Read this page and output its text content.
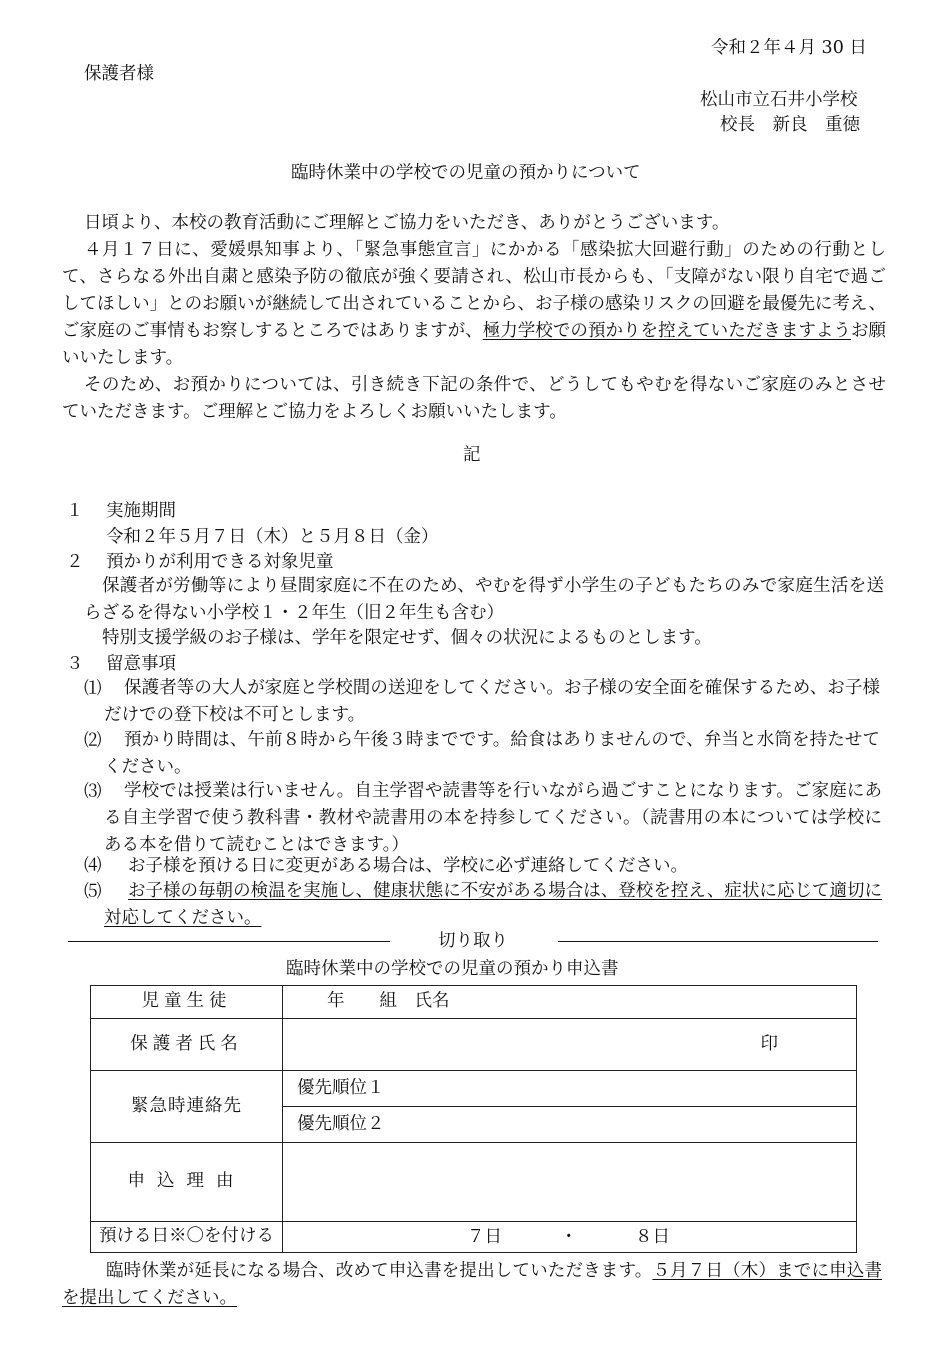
令和２年４月 30 日
保護者様
松山市立石井小学校
校長　新良　重徳
臨時休業中の学校での児童の預かりについて
日頃より、本校の教育活動にご理解とご協力をいただき、ありがとうございます。
４月１７日に、愛媛県知事より、「緊急事態宣言」にかかる「感染拡大回避行動」のための行動として、さらなる外出自粛と感染予防の徹底が強く要請され、松山市長からも、「支障がない限り自宅で過ごしてほしい」とのお願いが継続して出されていることから、お子様の感染リスクの回避を最優先に考え、ご家庭のご事情もお察しするところではありますが、極力学校での預かりを控えていただきますようお願いいたします。
そのため、お預かりについては、引き続き下記の条件で、どうしてもやむを得ないご家庭のみとさせていただきます。ご理解とご協力をよろしくお願いいたします。
記
１ 実施期間
令和２年５月７日（木）と５月８日（金）
２ 預かりが利用できる対象児童
保護者が労働等により昼間家庭に不在のため、やむを得ず小学生の子どもたちのみで家庭生活を送らざるを得ない小学校１・２年生（旧２年生も含む）
特別支援学級のお子様は、学年を限定せず、個々の状況によるものとします。
３ 留意事項
⑴	保護者等の大人が家庭と学校間の送迎をしてください。お子様の安全面を確保するため、お子様だけでの登下校は不可とします。
⑵	預かり時間は、午前８時から午後３時までです。給食はありませんので、弁当と水筒を持たせてください。
⑶	学校では授業は行いません。自主学習や読書等を行いながら過ごすことになります。ご家庭にある自主学習で使う教科書・教材や読書用の本を持参してください。（読書用の本については学校にある本を借りて読むことはできます。）
⑷ お子様を預ける日に変更がある場合は、学校に必ず連絡してください。
⑸	お子様の毎朝の検温を実施し、健康状態に不安がある場合は、登校を控え、症状に応じて適切に対応してください。
切り取り
臨時休業中の学校での児童の預かり申込書
児童生徒	年　　組　氏名
保護者氏名	印

緊急時連絡先	優先順位１
	優先順位２
申込理由	
預ける日※〇を付ける	７日 ・ ８日
臨時休業が延長になる場合、改めて申込書を提出していただきます。５月７日（木）までに申込書を提出してください。
